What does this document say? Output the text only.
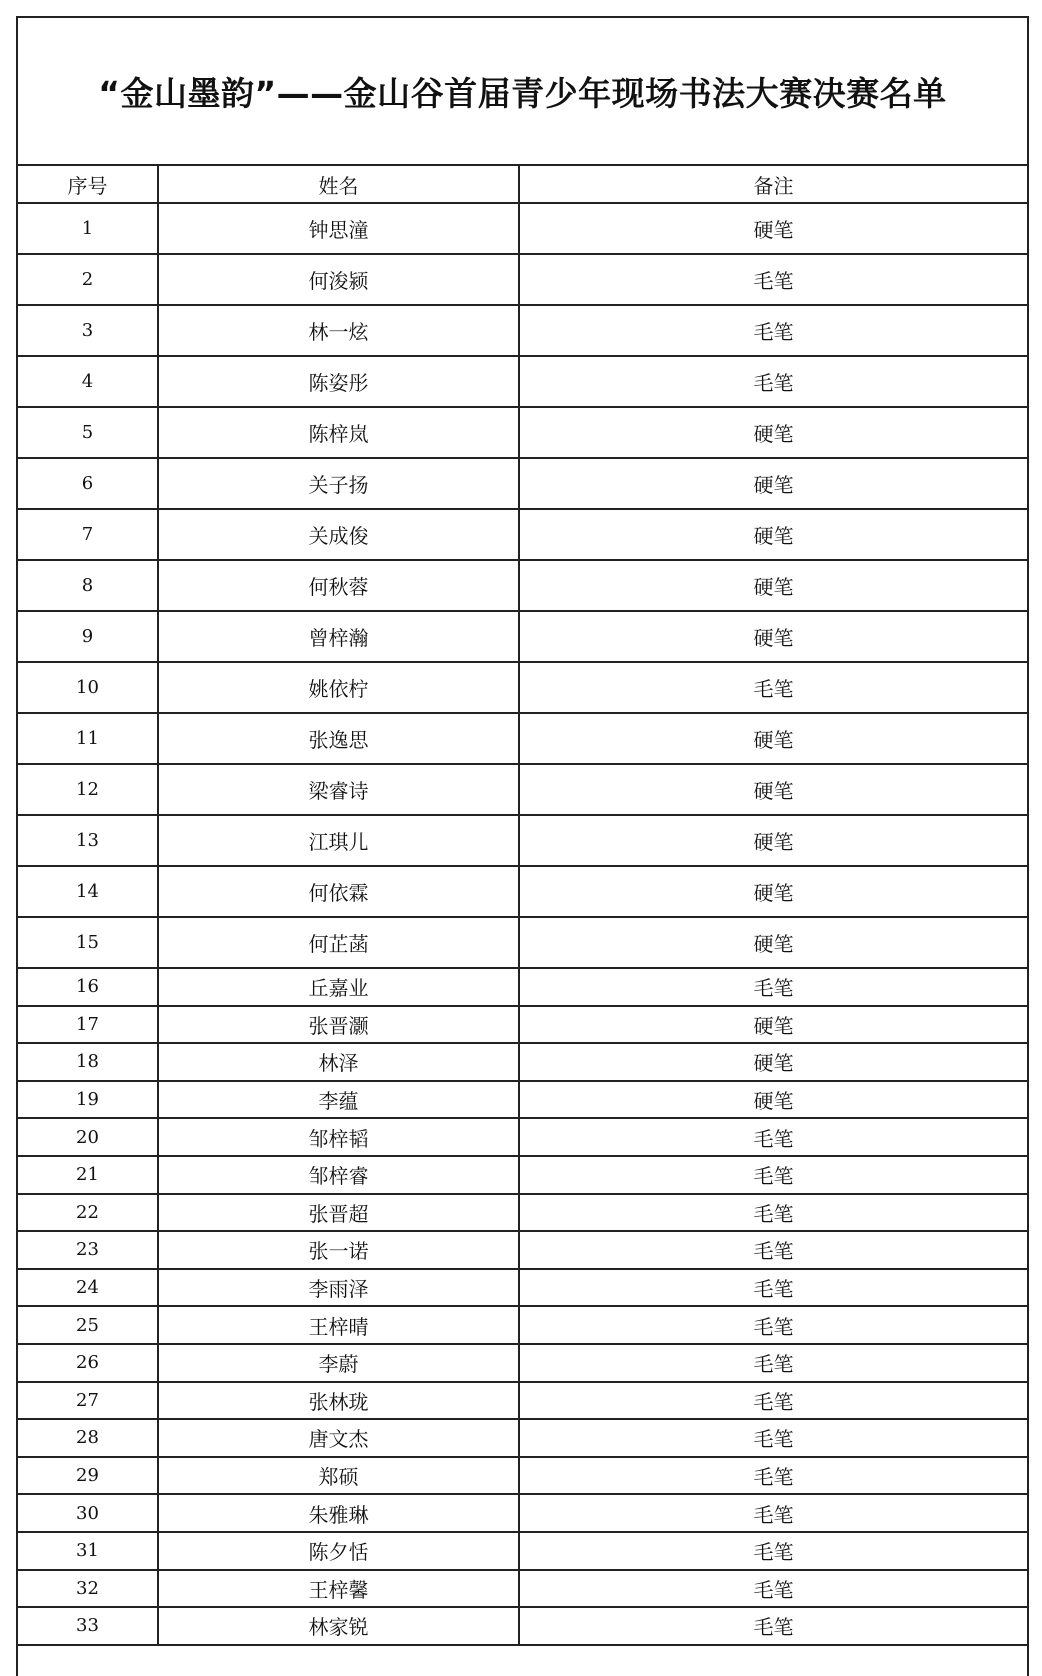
“金山墨韵”——金山谷首届青少年现场书法大赛决赛名单
序号	姓名	备注
1	钟思潼	硬笔
2	何浚颍	毛笔
3	林一炫	毛笔
4	陈姿彤	毛笔
5	陈梓岚	硬笔
6	关子扬	硬笔
7	关成俊	硬笔
8	何秋蓉	硬笔
9	曾梓瀚	硬笔
10	姚依柠	毛笔
11	张逸思	硬笔
12	梁睿诗	硬笔
13	江琪儿	硬笔
14	何依霖	硬笔
15	何芷菡	硬笔
16	丘嘉业	毛笔
17	张晋灏	硬笔
18	林泽	硬笔
19	李蕴	硬笔
20	邹梓韬	毛笔
21	邹梓睿	毛笔
22	张晋超	毛笔
23	张一诺	毛笔
24	李雨泽	毛笔
25	王梓晴	毛笔
26	李蔚	毛笔
27	张林珑	毛笔
28	唐文杰	毛笔
29	郑硕	毛笔
30	朱雅琳	毛笔
31	陈夕恬	毛笔
32	王梓馨	毛笔
33	林家锐	毛笔
